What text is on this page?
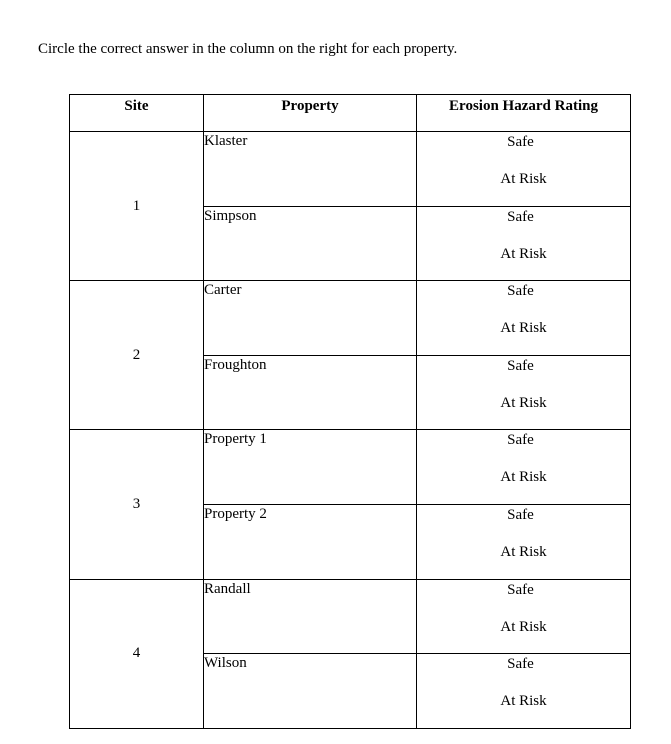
Circle the correct answer in the column on the right for each property.
Site	Property	Erosion Hazard Rating
1	Klaster	Safe
At Risk

	Simpson	Safe
At Risk

2	Carter	Safe
At Risk

	Froughton	Safe
At Risk

3	Property 1	Safe
At Risk

	Property 2	Safe
At Risk

4	Randall	Safe
At Risk

	Wilson	Safe
At Risk
